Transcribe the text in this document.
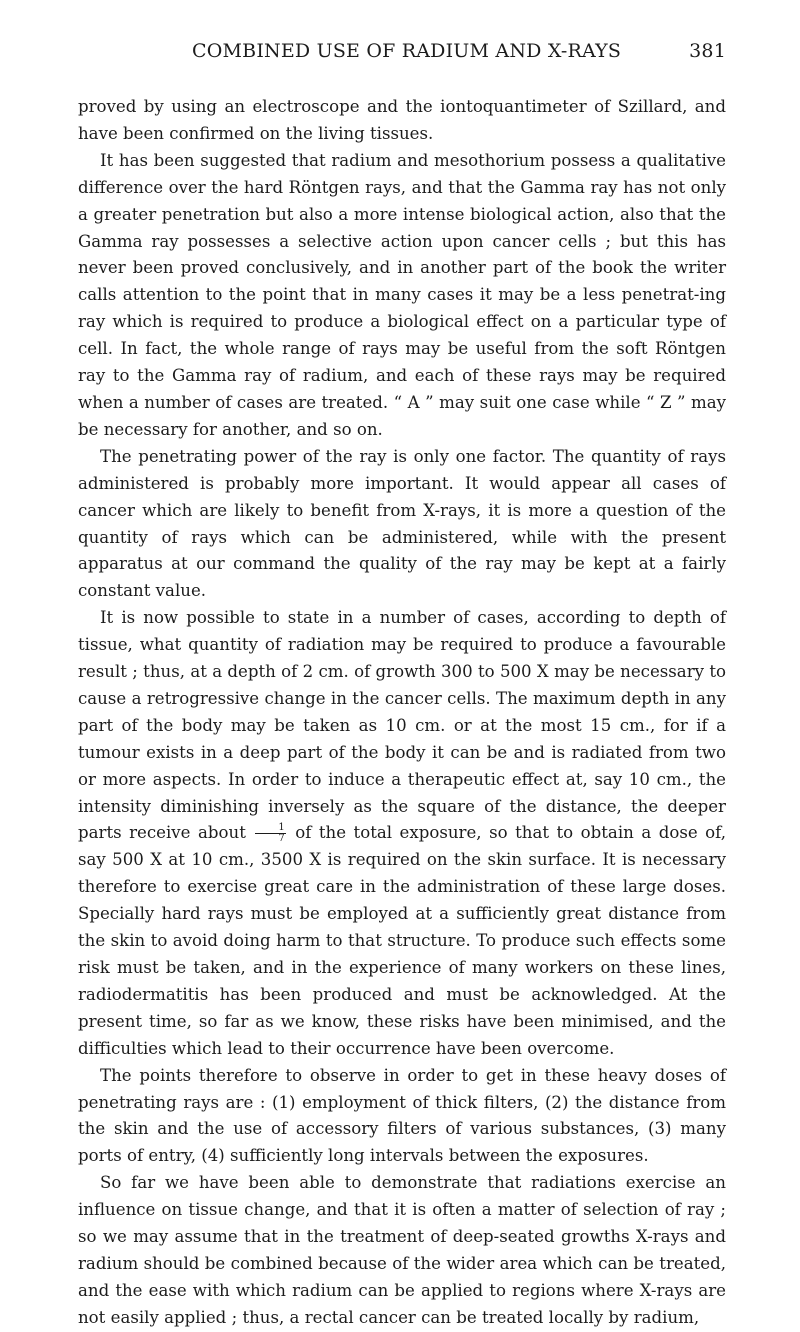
COMBINED USE OF RADIUM AND X-RAYS	381

proved by using an electroscope and the iontoquantimeter of Szillard, and have been confirmed on the living tissues.

It has been suggested that radium and mesothorium possess a qualitative difference over the hard Röntgen rays, and that the Gamma ray has not only a greater penetration but also a more intense biological action, also that the Gamma ray possesses a selective action upon cancer cells ; but this has never been proved conclusively, and in another part of the book the writer calls attention to the point that in many cases it may be a less penetrat-ing ray which is required to produce a biological effect on a particular type of cell. In fact, the whole range of rays may be useful from the soft Röntgen ray to the Gamma ray of radium, and each of these rays may be required when a number of cases are treated. “ A ” may suit one case while “ Z ” may be necessary for another, and so on.

The penetrating power of the ray is only one factor. The quantity of rays administered is probably more important. It would appear all cases of cancer which are likely to benefit from X-rays, it is more a question of the quantity of rays which can be administered, while with the present apparatus at our command the quality of the ray may be kept at a fairly constant value.

It is now possible to state in a number of cases, according to depth of tissue, what quantity of radiation may be required to produce a favourable result ; thus, at a depth of 2 cm. of growth 300 to 500 X may be necessary to cause a retrogressive change in the cancer cells. The maximum depth in any part of the body may be taken as 10 cm. or at the most 15 cm., for if a tumour exists in a deep part of the body it can be and is radiated from two or more aspects. In order to induce a therapeutic effect at, say 10 cm., the intensity diminishing inversely as the square of the distance, the deeper parts receive about $\frac{1}{7}$ of the total exposure, so that to obtain a dose of, say 500 X at 10 cm., 3500 X is required on the skin surface. It is necessary therefore to exercise great care in the administration of these large doses. Specially hard rays must be employed at a sufficiently great distance from the skin to avoid doing harm to that structure. To produce such effects some risk must be taken, and in the experience of many workers on these lines, radiodermatitis has been produced and must be acknowledged. At the present time, so far as we know, these risks have been minimised, and the difficulties which lead to their occurrence have been overcome.

The points therefore to observe in order to get in these heavy doses of penetrating rays are : (1) employment of thick filters, (2) the distance from the skin and the use of accessory filters of various substances, (3) many ports of entry, (4) sufficiently long intervals between the exposures.

So far we have been able to demonstrate that radiations exercise an influence on tissue change, and that it is often a matter of selection of ray ; so we may assume that in the treatment of deep-seated growths X-rays and radium should be combined because of the wider area which can be treated, and the ease with which radium can be applied to regions where X-rays are not easily applied ; thus, a rectal cancer can be treated locally by radium,
